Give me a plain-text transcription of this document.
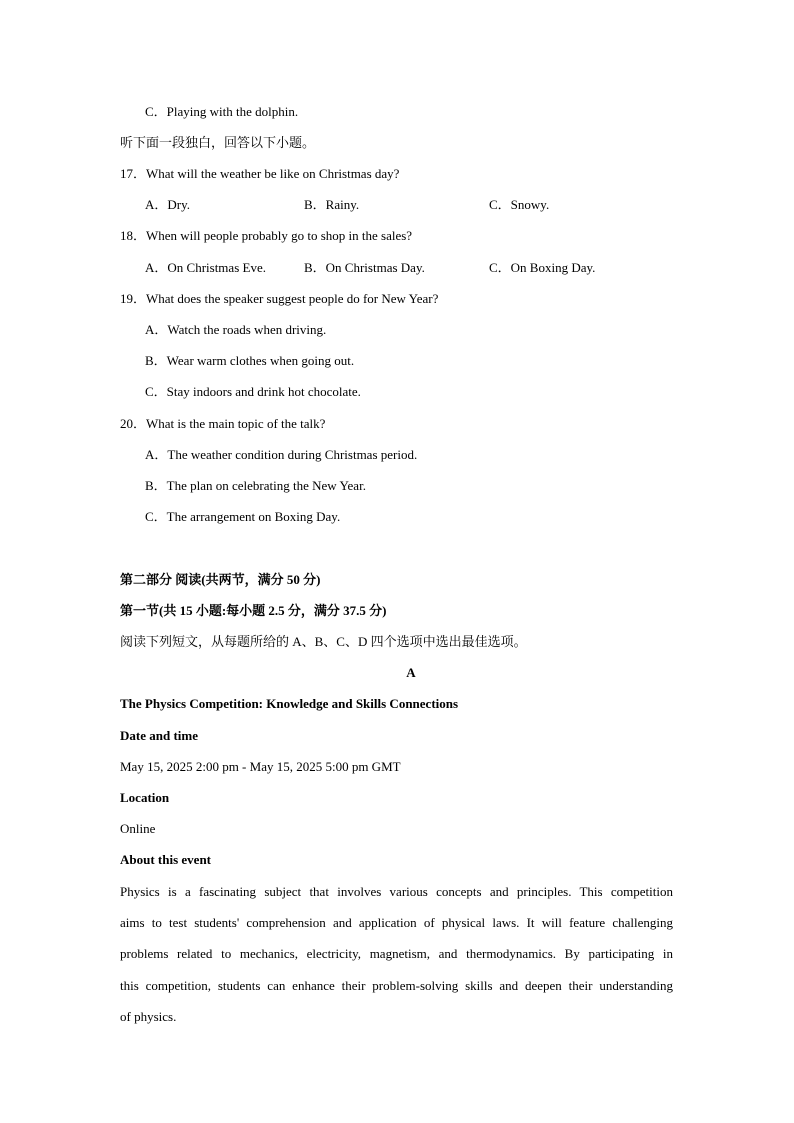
C．Playing with the dolphin.
听下面一段独白，回答以下小题。
17．What will the weather be like on Christmas day?
A．Dry.	B．Rainy.	C．Snowy.
18．When will people probably go to shop in the sales?
A．On Christmas Eve.	B．On Christmas Day.	C．On Boxing Day.
19．What does the speaker suggest people do for New Year?
A．Watch the roads when driving.
B．Wear warm clothes when going out.
C．Stay indoors and drink hot chocolate.
20．What is the main topic of the talk?
A．The weather condition during Christmas period.
B．The plan on celebrating the New Year.
C．The arrangement on Boxing Day.
第二部分 阅读(共两节，满分 50 分)
第一节(共 15 小题:每小题 2.5 分，满分 37.5 分)
阅读下列短文，从每题所给的 A、B、C、D 四个选项中选出最佳选项。
A
The Physics Competition: Knowledge and Skills Connections
Date and time
May 15, 2025 2:00 pm - May 15, 2025 5:00 pm GMT
Location
Online
About this event
Physics is a fascinating subject that involves various concepts and principles. This competition
aims to test students' comprehension and application of physical laws. It will feature challenging
problems related to mechanics, electricity, magnetism, and thermodynamics. By participating in
this competition, students can enhance their problem-solving skills and deepen their understanding
of physics.
